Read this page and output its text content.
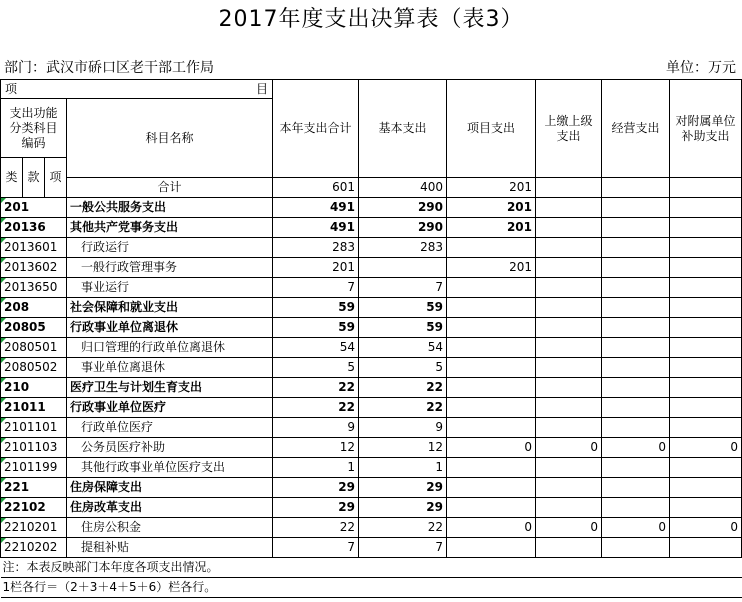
2017年度支出决算表（表3）
部门：武汉市硚口区老干部工作局	单位：万元
项 目				本年支出合计	基本支出	项目支出	上缴上级支出	经营支出	对附属单位补助支出	
支出功能分类科目编码			科目名称							
类	款	项	

			合计	601	400	201				
201			一般公共服务支出	491	290	201				
20136			其他共产党事务支出	491	290	201				
2013601			行政运行	283	283					
2013602			一般行政管理事务	201		201				
2013650			事业运行	7	7					
208			社会保障和就业支出	59	59					
20805			行政事业单位离退休	59	59					
2080501			归口管理的行政单位离退休	54	54					
2080502			事业单位离退休	5	5					
210			医疗卫生与计划生育支出	22	22					
21011			行政事业单位医疗	22	22					
2101101			行政单位医疗	9	9					
2101103			公务员医疗补助	12	12	0	0	0	0	
2101199			其他行政事业单位医疗支出	1	1					
221			住房保障支出	29	29					
22102			住房改革支出	29	29					
2210201			住房公积金	22	22	0	0	0	0	
2210202			提租补贴	7	7					
注：本表反映部门本年度各项支出情况。										
1栏各行＝（2＋3＋4＋5＋6）栏各行。										
